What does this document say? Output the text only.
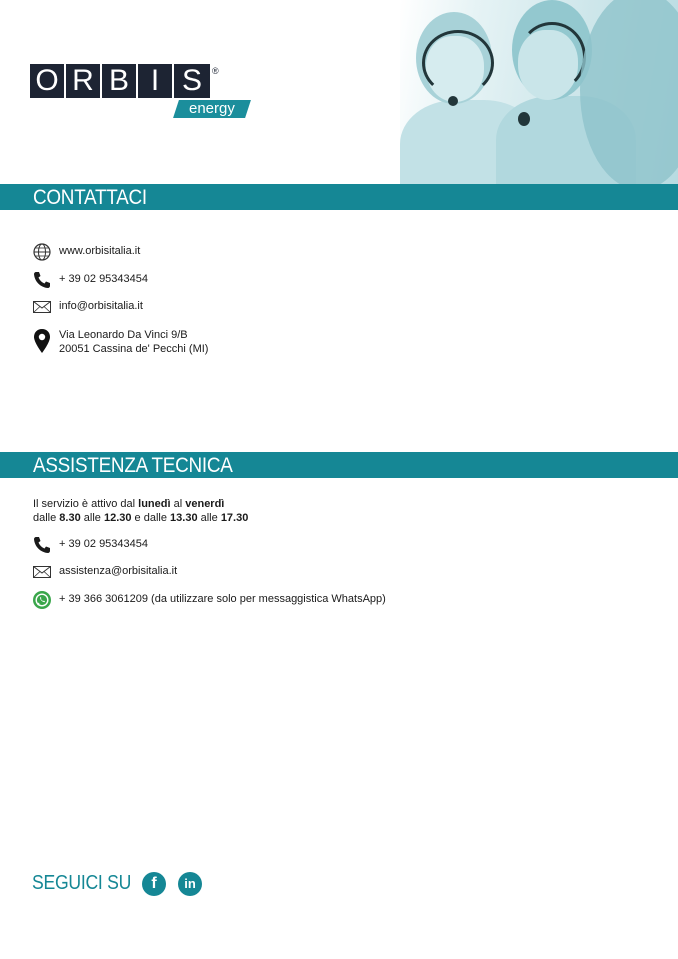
O R B I S	®
energy
CONTATTACI
www.orbisitalia.it
+ 39 02 95343454
info@orbisitalia.it
Via Leonardo Da Vinci 9/B
20051 Cassina de' Pecchi (MI)
ASSISTENZA TECNICA
Il servizio è attivo dal lunedì al venerdì
dalle 8.30 alle 12.30 e dalle 13.30 alle 17.30
+ 39 02 95343454
assistenza@orbisitalia.it
+ 39 366 3061209 (da utilizzare solo per messaggistica WhatsApp)
SEGUICI SU	f	in
